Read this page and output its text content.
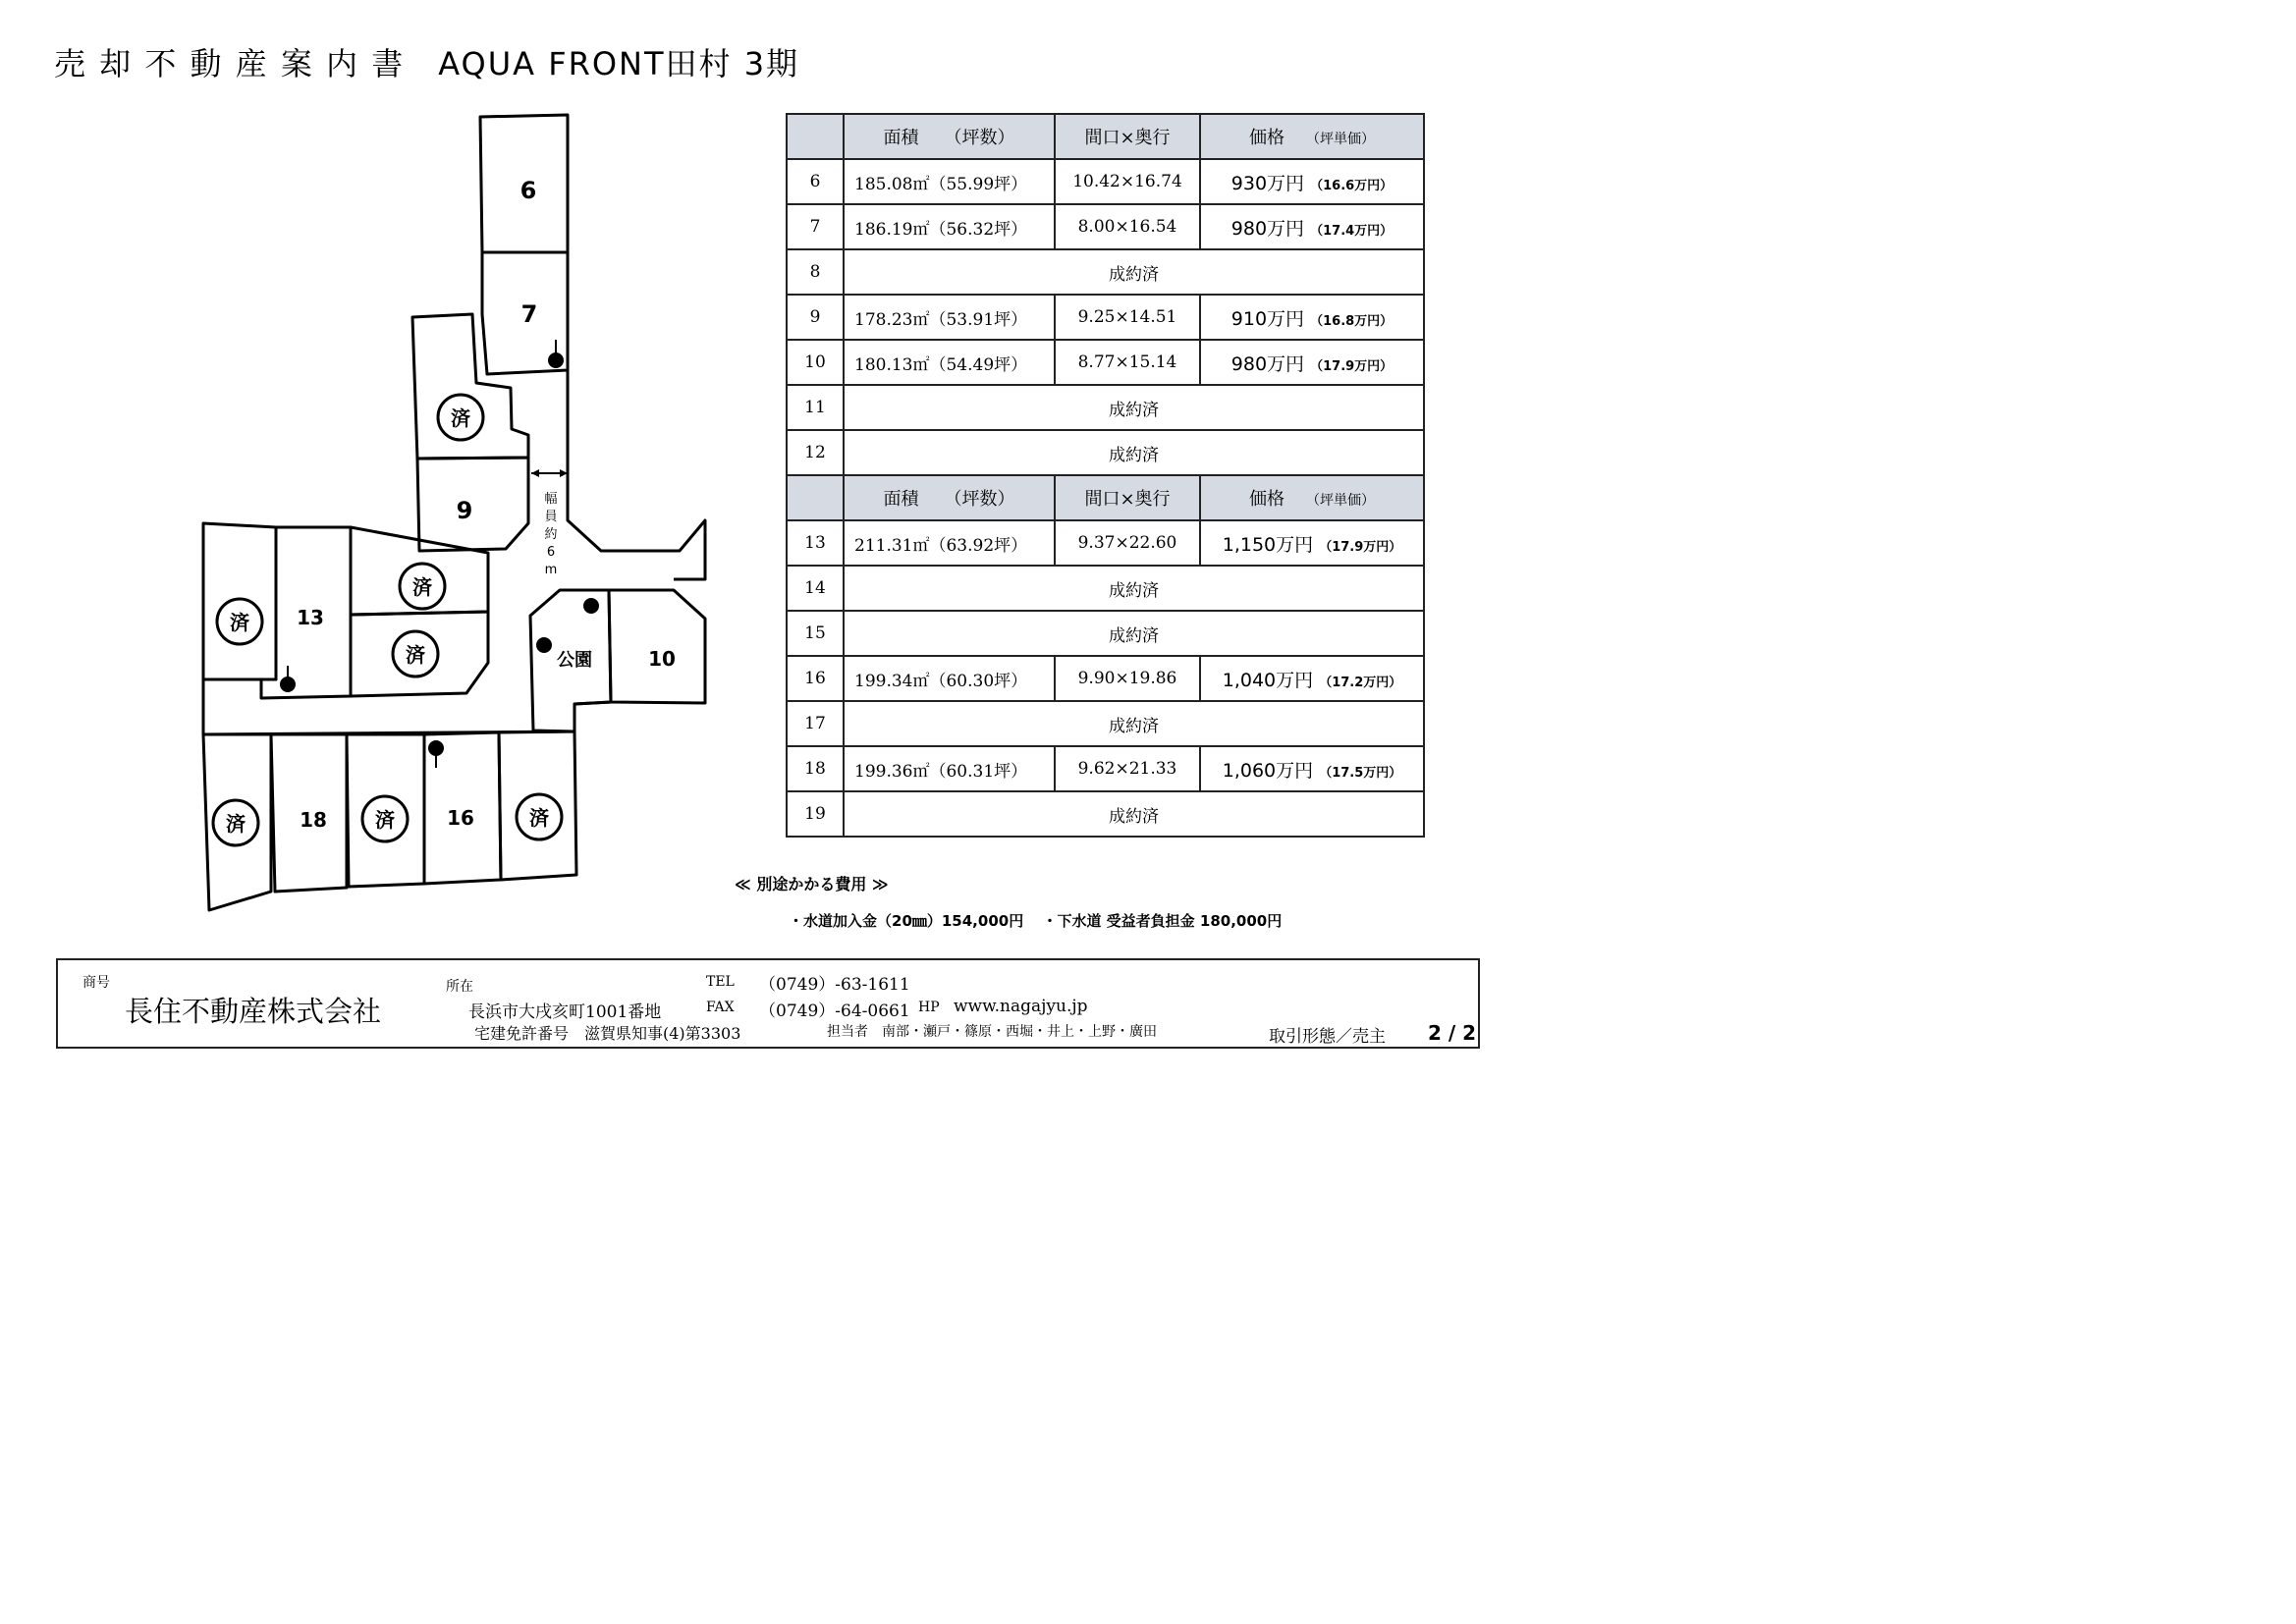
売 却 不 動 産 案 内 書　AQUA FRONT田村 3期
6
7
9
13
10
18	16
公園
済
済
済
済
済	済	済
幅
員
約
6
m
	面積 （坪数）	間口×奥行	価格 （坪単価）
6	185.08㎡（55.99坪）	10.42×16.74	930万円 （16.6万円）
7	186.19㎡（56.32坪）	8.00×16.54	980万円 （17.4万円）
8	成約済		
9	178.23㎡（53.91坪）	9.25×14.51	910万円 （16.8万円）
10	180.13㎡（54.49坪）	8.77×15.14	980万円 （17.9万円）
11	成約済		
12	成約済		
	面積 （坪数）	間口×奥行	価格 （坪単価）
13	211.31㎡（63.92坪）	9.37×22.60	1,150万円 （17.9万円）
14	成約済		
15	成約済		
16	199.34㎡（60.30坪）	9.90×19.86	1,040万円 （17.2万円）
17	成約済		
18	199.36㎡（60.31坪）	9.62×21.33	1,060万円 （17.5万円）
19	成約済		
≪ 別途かかる費用 ≫
・水道加入金（20㎜）154,000円 ・下水道 受益者負担金 180,000円
商号
長住不動産株式会社
所在
長浜市大戌亥町1001番地
宅建免許番号　滋賀県知事(4)第3303
TEL （0749）-63-1611
FAX （0749）-64-0661 HP www.nagajyu.jp
担当者　南部・瀬戸・篠原・西堀・井上・上野・廣田	取引形態／売主 2 / 2
